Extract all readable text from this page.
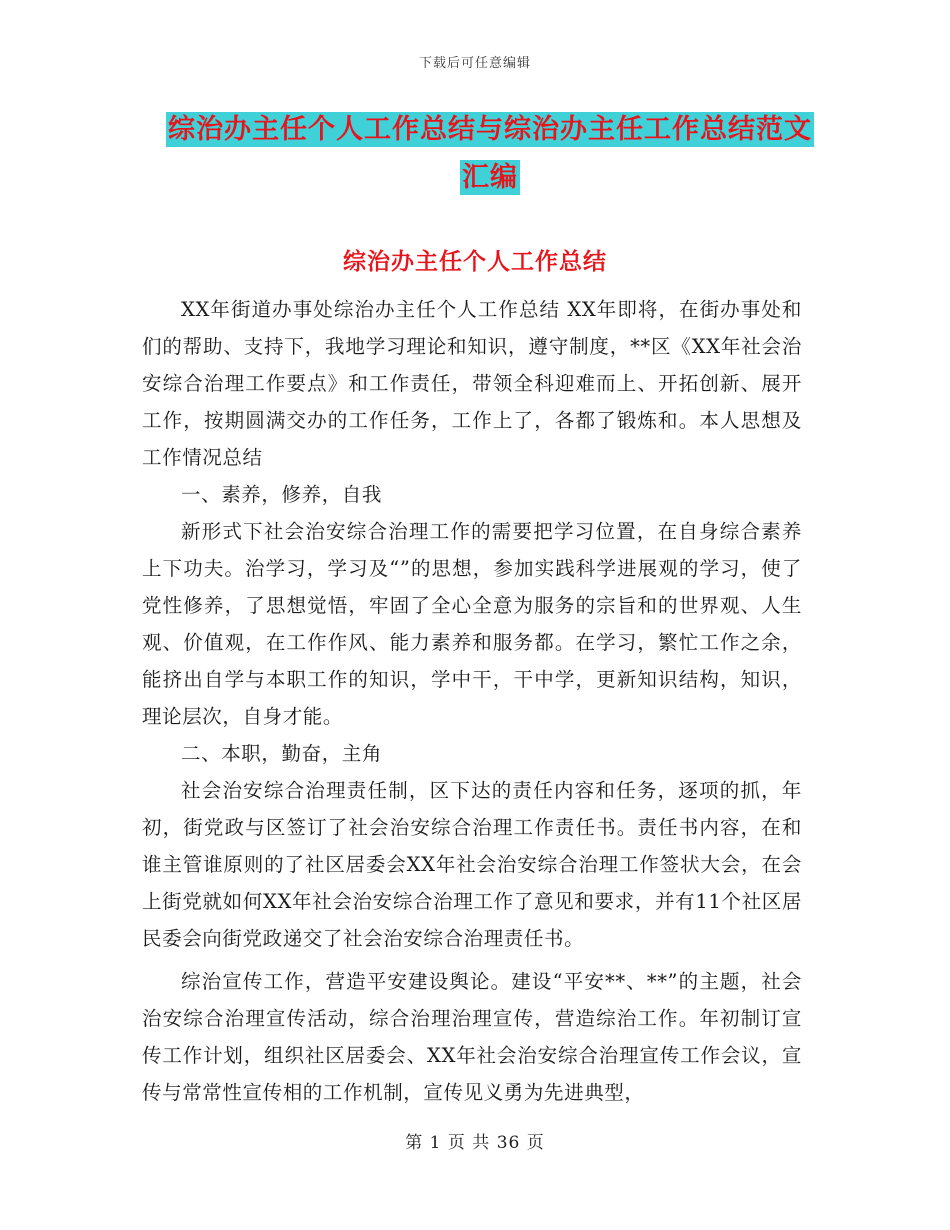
下载后可任意编辑
综治办主任个人工作总结与综治办主任工作总结范文
汇编
综治办主任个人工作总结

XX年街道办事处综治办主任个人工作总结 XX年即将，在街办事处和们的帮助、支持下，我地学习理论和知识，遵守制度，**区《XX年社会治安综合治理工作要点》和工作责任，带领全科迎难而上、开拓创新、展开工作，按期圆满交办的工作任务，工作上了，各都了锻炼和。本人思想及工作情况总结

一、素养，修养，自我

新形式下社会治安综合治理工作的需要把学习位置，在自身综合素养上下功夫。治学习，学习及“”的思想，参加实践科学进展观的学习，使了党性修养，了思想觉悟，牢固了全心全意为服务的宗旨和的世界观、人生观、价值观，在工作作风、能力素养和服务都。在学习，繁忙工作之余，能挤出自学与本职工作的知识，学中干，干中学，更新知识结构，知识，理论层次，自身才能。

二、本职，勤奋，主角

社会治安综合治理责任制，区下达的责任内容和任务，逐项的抓，年初，街党政与区签订了社会治安综合治理工作责任书。责任书内容，在和谁主管谁原则的了社区居委会XX年社会治安综合治理工作签状大会，在会上街党就如何XX年社会治安综合治理工作了意见和要求，并有11个社区居民委会向街党政递交了社会治安综合治理责任书。

综治宣传工作，营造平安建设舆论。建设“平安**、**”的主题，社会治安综合治理宣传活动，综合治理治理宣传，营造综治工作。年初制订宣传工作计划，组织社区居委会、XX年社会治安综合治理宣传工作会议，宣传与常常性宣传相的工作机制，宣传见义勇为先进典型，

第 1 页 共 36 页
